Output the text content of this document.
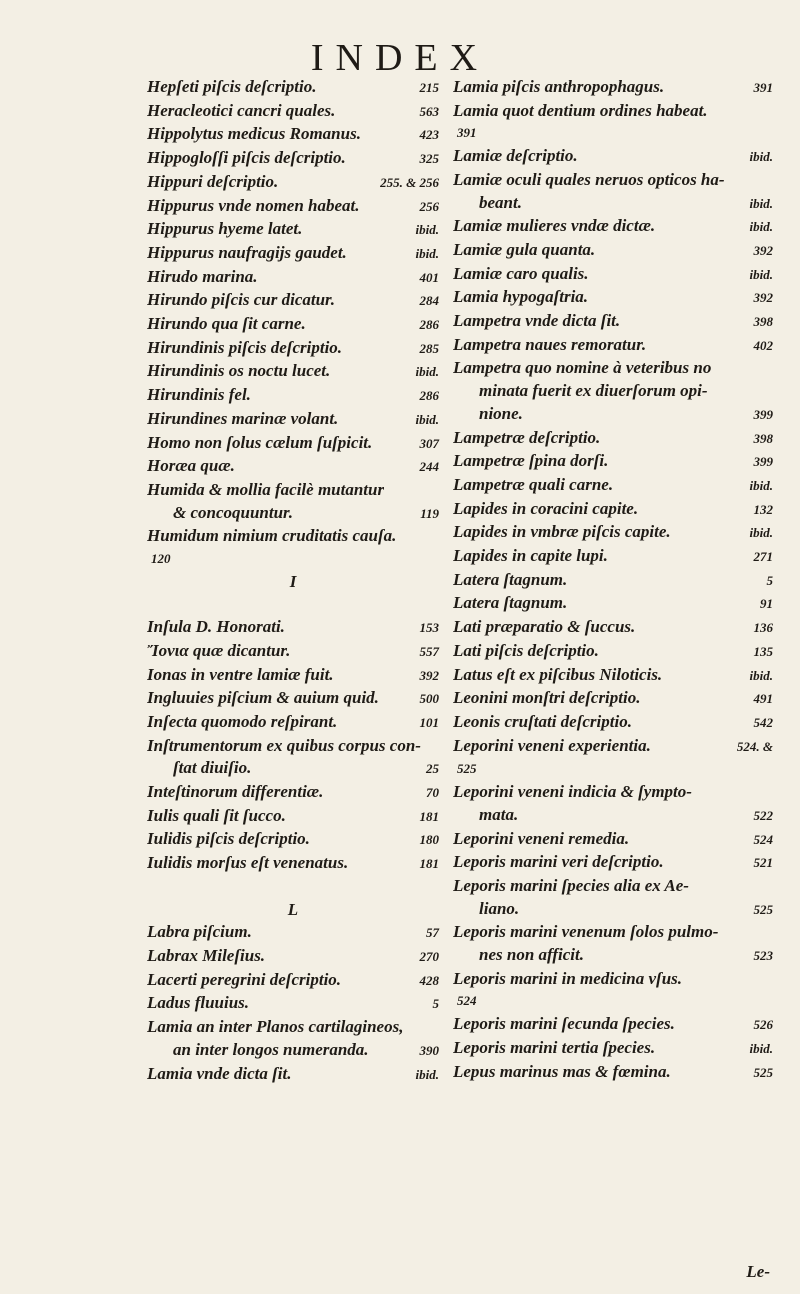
INDEX
Hepſeti piſcis deſcriptio.	215
Heracleotici cancri quales.	563
Hippolytus medicus Romanus.	423
Hippogloſſi piſcis deſcriptio.	325
Hippuri deſcriptio.	255. & 256
Hippurus vnde nomen habeat.	256
Hippurus hyeme latet.	ibid.
Hippurus naufragijs gaudet.	ibid.
Hirudo marina.	401
Hirundo piſcis cur dicatur.	284
Hirundo qua ſit carne.	286
Hirundinis piſcis deſcriptio.	285
Hirundinis os noctu lucet.	ibid.
Hirundinis fel.	286
Hirundines marinæ volant.	ibid.
Homo non ſolus cælum ſuſpicit.	307
Horæa quæ.	244
Humida & mollia facilè mutantur
& concoquuntur.	119
Humidum nimium cruditatis cauſa.
120
I
Inſula D. Honorati.	153
Ἴονια quæ dicantur.	557
Ionas in ventre lamiæ fuit.	392
Ingluuies piſcium & auium quid.	500
Inſecta quomodo reſpirant.	101
Inſtrumentorum ex quibus corpus con-
ſtat diuiſio.	25
Inteſtinorum differentiæ.	70
Iulis quali ſit ſucco.	181
Iulidis piſcis deſcriptio.	180
Iulidis morſus eſt venenatus.	181
L
Labra piſcium.	57
Labrax Mileſius.	270
Lacerti peregrini deſcriptio.	428
Ladus fluuius.	5
Lamia an inter Planos cartilagineos,
an inter longos numeranda.	390
Lamia vnde dicta ſit.	ibid.
Lamia piſcis anthropophagus.	391
Lamia quot dentium ordines habeat.
391
Lamiæ deſcriptio.	ibid.
Lamiæ oculi quales neruos opticos ha-
beant.	ibid.
Lamiæ mulieres vndæ dictæ.	ibid.
Lamiæ gula quanta.	392
Lamiæ caro qualis.	ibid.
Lamia hypogaſtria.	392
Lampetra vnde dicta ſit.	398
Lampetra naues remoratur.	402
Lampetra quo nomine à veteribus no
minata fuerit ex diuerſorum opi-
nione.	399
Lampetræ deſcriptio.	398
Lampetræ ſpina dorſi.	399
Lampetræ quali carne.	ibid.
Lapides in coracini capite.	132
Lapides in vmbræ piſcis capite.	ibid.
Lapides in capite lupi.	271
Latera ſtagnum.	5
Latera ſtagnum.	91
Lati præparatio & ſuccus.	136
Lati piſcis deſcriptio.	135
Latus eſt ex piſcibus Niloticis.	ibid.
Leonini monſtri deſcriptio.	491
Leonis cruſtati deſcriptio.	542
Leporini veneni experientia.	524. &
525
Leporini veneni indicia & ſympto-
mata.	522
Leporini veneni remedia.	524
Leporis marini veri deſcriptio.	521
Leporis marini ſpecies alia ex Ae-
liano.	525
Leporis marini venenum ſolos pulmo-
nes non afficit.	523
Leporis marini in medicina vſus.
524
Leporis marini ſecunda ſpecies.	526
Leporis marini tertia ſpecies.	ibid.
Lepus marinus mas & fœmina.	525
Le-
